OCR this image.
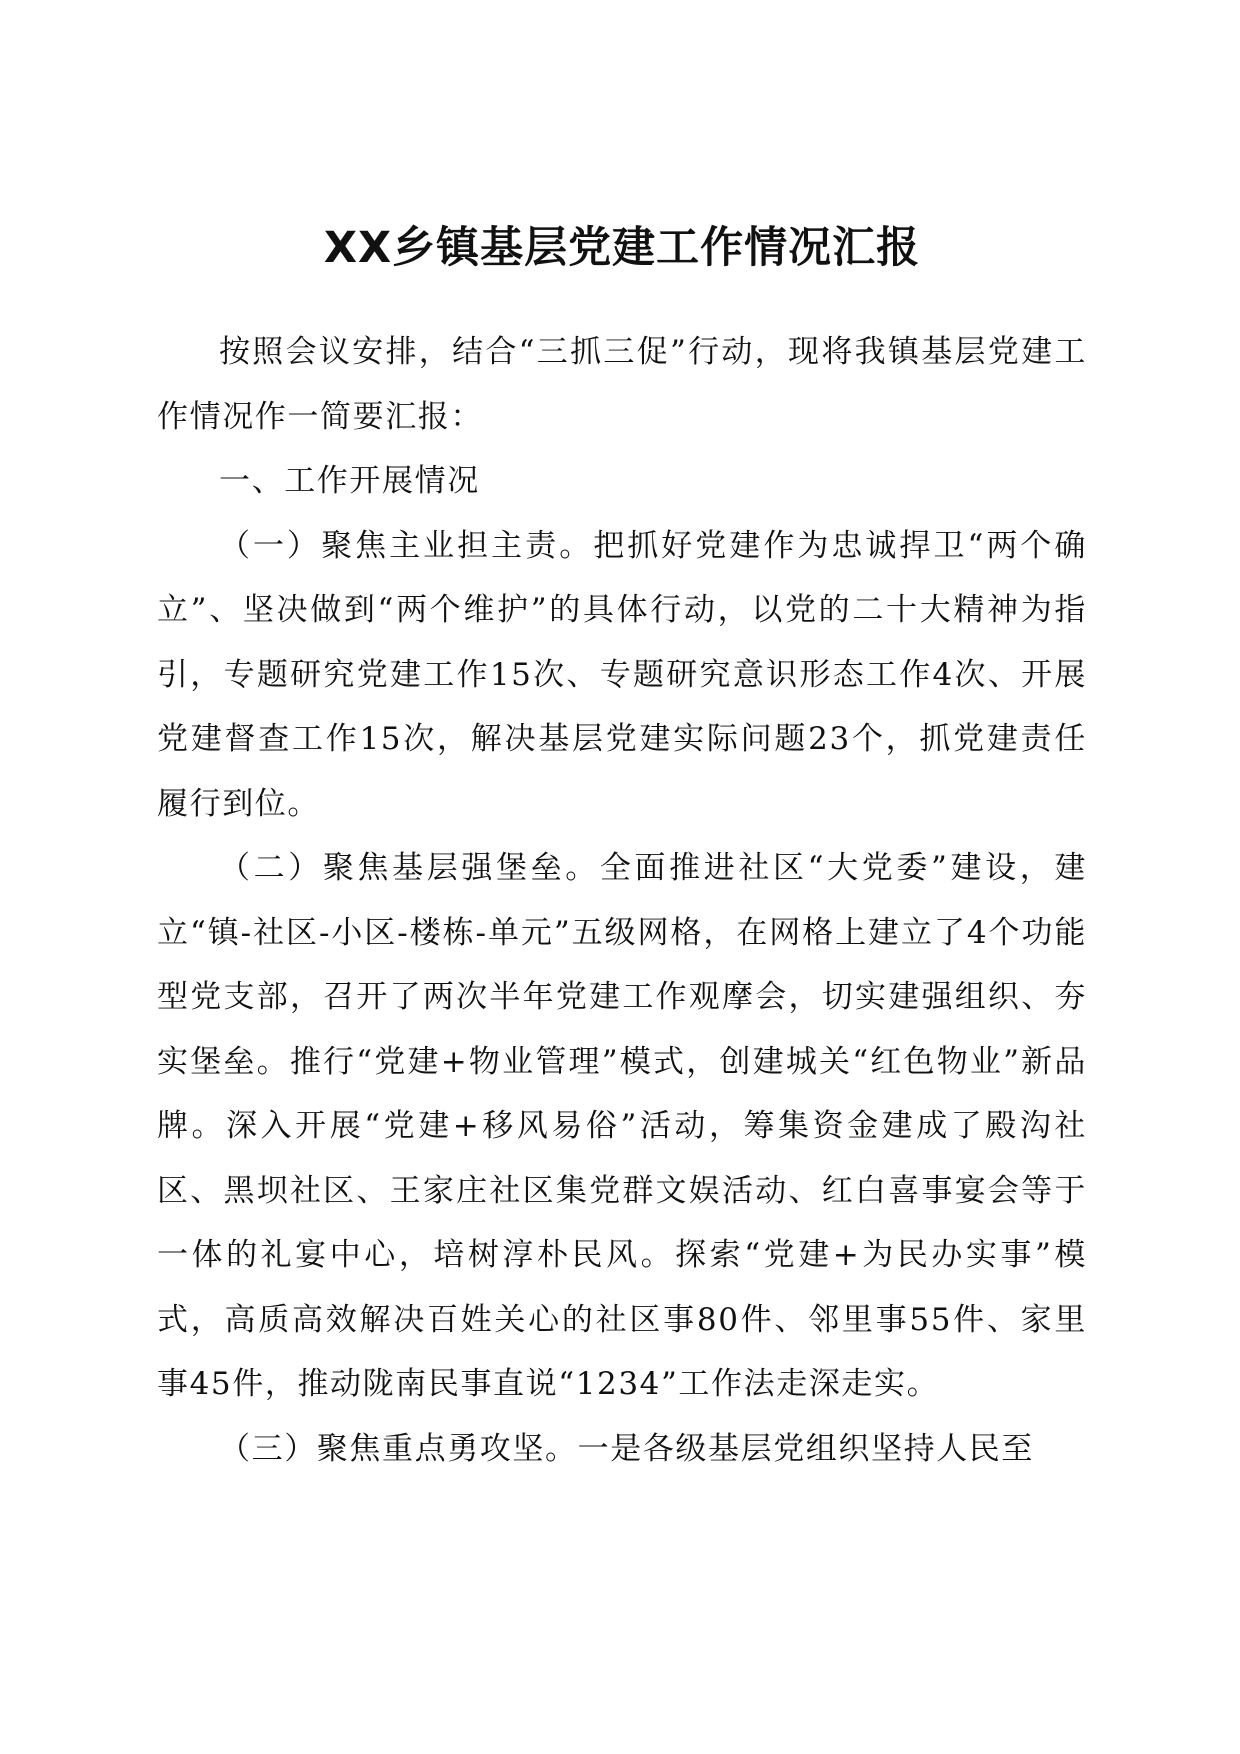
XX乡镇基层党建工作情况汇报

按照会议安排，结合“三抓三促”行动，现将我镇基层党建工作情况作一简要汇报：

一、工作开展情况

（一）聚焦主业担主责。把抓好党建作为忠诚捍卫“两个确立”、坚决做到“两个维护”的具体行动，以党的二十大精神为指引，专题研究党建工作15次、专题研究意识形态工作4次、开展党建督查工作15次，解决基层党建实际问题23个，抓党建责任履行到位。

（二）聚焦基层强堡垒。全面推进社区“大党委”建设，建立“镇-社区-小区-楼栋-单元”五级网格，在网格上建立了4个功能型党支部，召开了两次半年党建工作观摩会，切实建强组织、夯实堡垒。推行“党建+物业管理”模式，创建城关“红色物业”新品牌。深入开展“党建+移风易俗”活动，筹集资金建成了殿沟社区、黑坝社区、王家庄社区集党群文娱活动、红白喜事宴会等于一体的礼宴中心，培树淳朴民风。探索“党建+为民办实事”模式，高质高效解决百姓关心的社区事80件、邻里事55件、家里事45件，推动陇南民事直说“1234”工作法走深走实。

（三）聚焦重点勇攻坚。一是各级基层党组织坚持人民至
